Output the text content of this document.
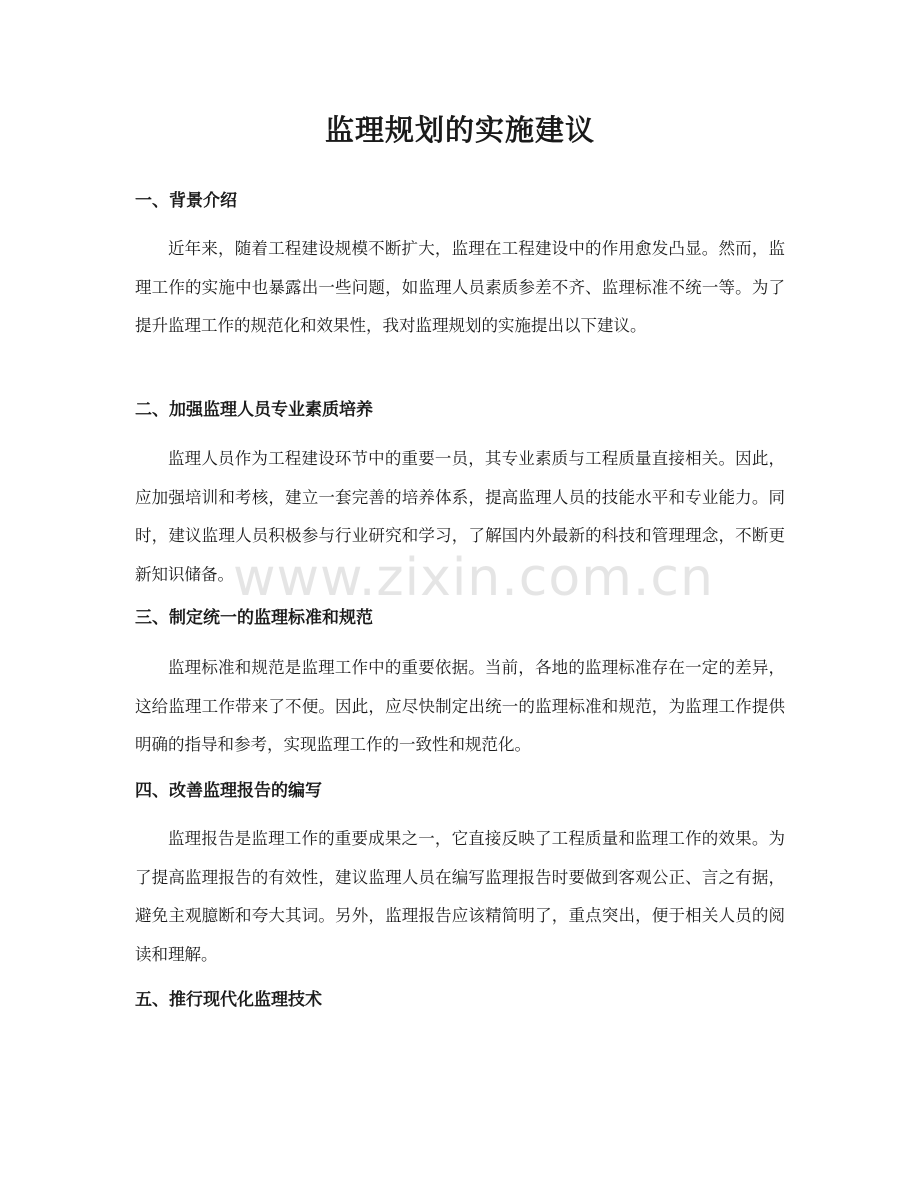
监理规划的实施建议
一、背景介绍

近年来，随着工程建设规模不断扩大，监理在工程建设中的作用愈发凸显。然而，监理工作的实施中也暴露出一些问题，如监理人员素质参差不齐、监理标准不统一等。为了提升监理工作的规范化和效果性，我对监理规划的实施提出以下建议。

二、加强监理人员专业素质培养

监理人员作为工程建设环节中的重要一员，其专业素质与工程质量直接相关。因此，应加强培训和考核，建立一套完善的培养体系，提高监理人员的技能水平和专业能力。同时，建议监理人员积极参与行业研究和学习，了解国内外最新的科技和管理理念，不断更新知识储备。

三、制定统一的监理标准和规范

监理标准和规范是监理工作中的重要依据。当前，各地的监理标准存在一定的差异，这给监理工作带来了不便。因此，应尽快制定出统一的监理标准和规范，为监理工作提供明确的指导和参考，实现监理工作的一致性和规范化。

四、改善监理报告的编写

监理报告是监理工作的重要成果之一，它直接反映了工程质量和监理工作的效果。为了提高监理报告的有效性，建议监理人员在编写监理报告时要做到客观公正、言之有据，避免主观臆断和夸大其词。另外，监理报告应该精简明了，重点突出，便于相关人员的阅读和理解。

五、推行现代化监理技术
www.zixin.com.cn
